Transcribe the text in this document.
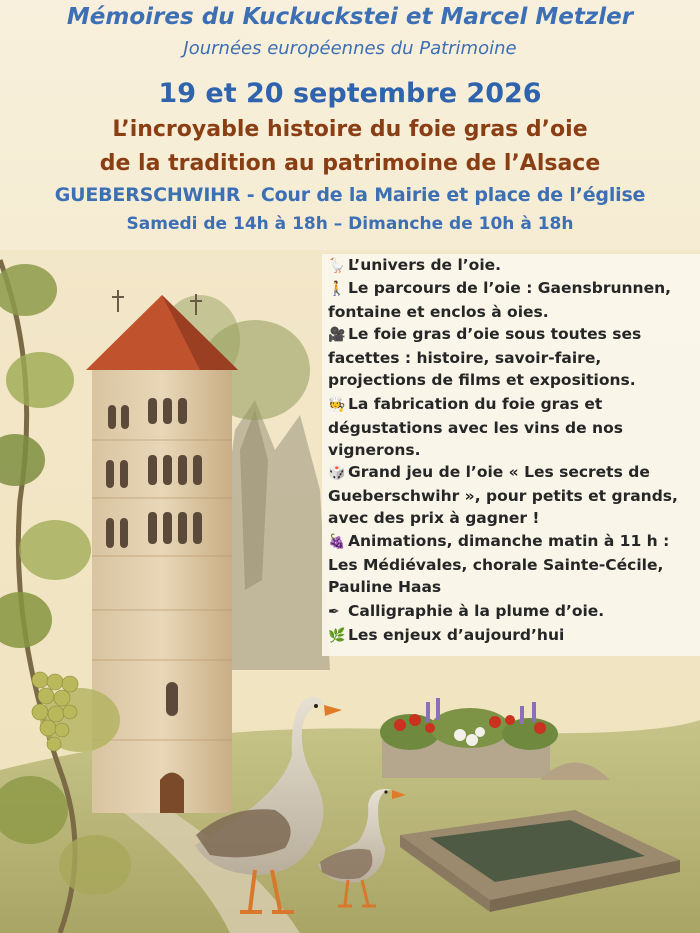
Mémoires du Kuckuckstei et Marcel Metzler
Journées européennes du Patrimoine
19 et 20 septembre 2026
L’incroyable histoire du foie gras d’oie
de la tradition au patrimoine de l’Alsace
GUEBERSCHWIHR - Cour de la Mairie et place de l’église
Samedi de 14h à 18h – Dimanche de 10h à 18h
🪿 L’univers de l’oie.
🚶 Le parcours de l’oie : Gaensbrunnen, fontaine et enclos à oies.
🎥 Le foie gras d’oie sous toutes ses facettes : histoire, savoir-faire, projections de films et expositions.
🧑‍🍳 La fabrication du foie gras et dégustations avec les vins de nos vignerons.
🎲 Grand jeu de l’oie « Les secrets de Gueberschwihr », pour petits et grands, avec des prix à gagner !
🍇 Animations, dimanche matin à 11 h : Les Médiévales, chorale Sainte-Cécile, Pauline Haas
✒ Calligraphie à la plume d’oie.
🌿 Les enjeux d’aujourd’hui
